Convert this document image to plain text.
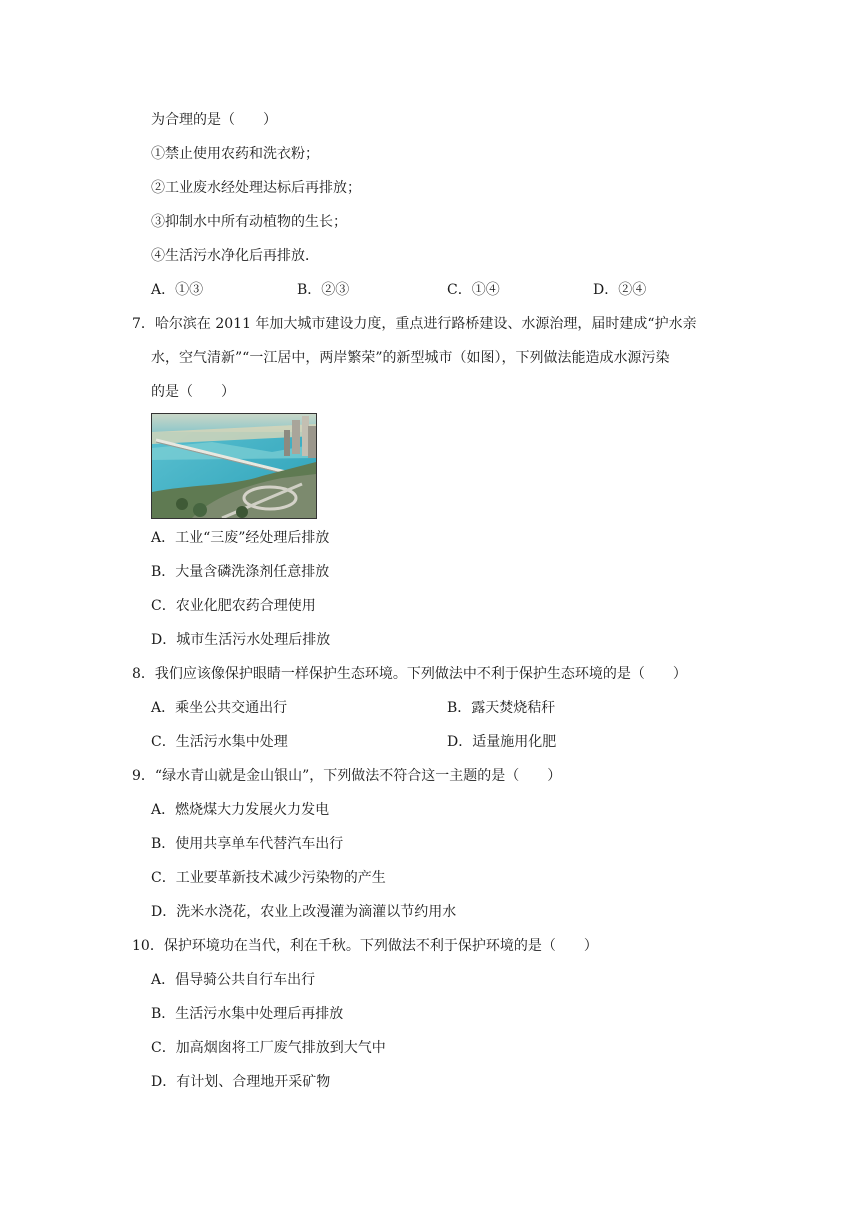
为合理的是（　　）
①禁止使用农药和洗衣粉；
②工业废水经处理达标后再排放；
③抑制水中所有动植物的生长；
④生活污水净化后再排放．
A．①③	B．②③	C．①④	D．②④
7．哈尔滨在 2011 年加大城市建设力度，重点进行路桥建设、水源治理，届时建成“护水亲
水，空气清新”“一江居中，两岸繁荣”的新型城市（如图），下列做法能造成水源污染
的是（　　）
A．工业“三废”经处理后排放
B．大量含磷洗涤剂任意排放
C．农业化肥农药合理使用
D．城市生活污水处理后排放
8．我们应该像保护眼睛一样保护生态环境。下列做法中不利于保护生态环境的是（　　）
A．乘坐公共交通出行	B．露天焚烧秸秆
C．生活污水集中处理	D．适量施用化肥
9．“绿水青山就是金山银山”，下列做法不符合这一主题的是（　　）
A．燃烧煤大力发展火力发电
B．使用共享单车代替汽车出行
C．工业要革新技术减少污染物的产生
D．洗米水浇花，农业上改漫灌为滴灌以节约用水
10．保护环境功在当代，利在千秋。下列做法不利于保护环境的是（　　）
A．倡导骑公共自行车出行
B．生活污水集中处理后再排放
C．加高烟囱将工厂废气排放到大气中
D．有计划、合理地开采矿物
